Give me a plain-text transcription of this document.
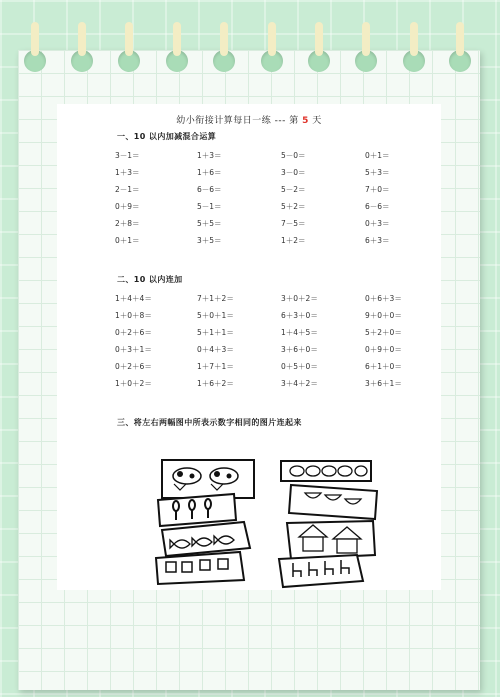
幼小衔接计算每日一练 --- 第 5 天
一、10 以内加减混合运算
3－1＝	1＋3＝	5－0＝	0＋1＝
1＋3＝	1＋6＝	3－0＝	5＋3＝
2－1＝	6－6＝	5－2＝	7＋0＝
0＋9＝	5－1＝	5＋2＝	6－6＝
2＋8＝	5＋5＝	7－5＝	0＋3＝
0＋1＝	3＋5＝	1＋2＝	6＋3＝
二、10 以内连加
1＋4＋4＝	7＋1＋2＝	3＋0＋2＝	0＋6＋3＝
1＋0＋8＝	5＋0＋1＝	6＋3＋0＝	9＋0＋0＝
0＋2＋6＝	5＋1＋1＝	1＋4＋5＝	5＋2＋0＝
0＋3＋1＝	0＋4＋3＝	3＋6＋0＝	0＋9＋0＝
0＋2＋6＝	1＋7＋1＝	0＋5＋0＝	6＋1＋0＝
1＋0＋2＝	1＋6＋2＝	3＋4＋2＝	3＋6＋1＝
三、将左右两幅图中所表示数字相同的图片连起来
